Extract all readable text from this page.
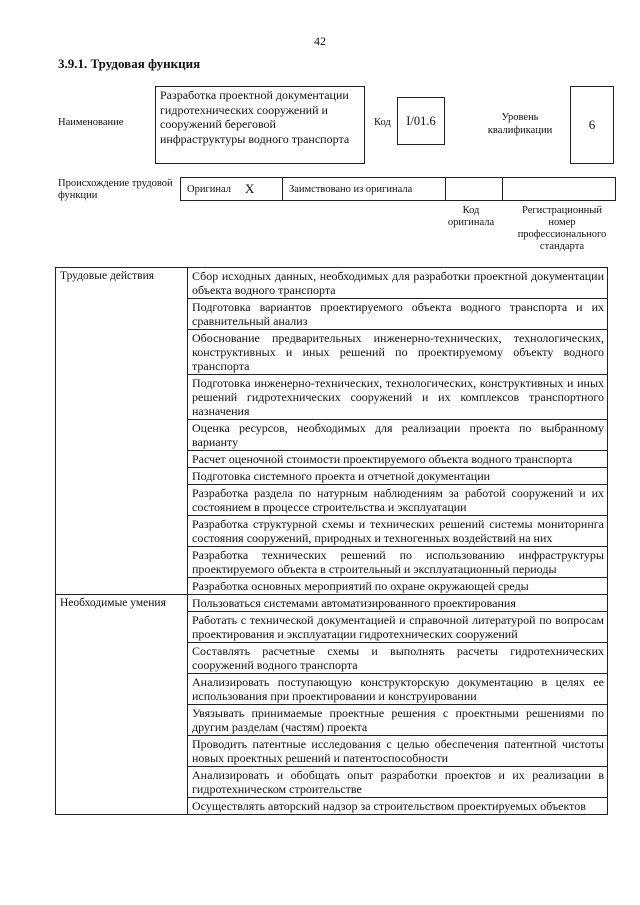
42
3.9.1. Трудовая функция
Наименование
Разработка проектной документации гидротехнических сооружений и сооружений береговой инфраструктуры водного транспорта
Код	I/01.6	Уровень квалификации	6
Происхождение трудовой функции
Оригинал X	Заимствовано из оригинала
Код оригинала
Регистрационный номер профессионального стандарта
Трудовые действия	Сбор исходных данных, необходимых для разработки проектной документации объекта водного транспорта
	Подготовка вариантов проектируемого объекта водного транспорта и их сравнительный анализ
	Обоснование предварительных инженерно-технических, технологических, конструктивных и иных решений по проектируемому объекту водного транспорта
	Подготовка инженерно-технических, технологических, конструктивных и иных решений гидротехнических сооружений и их комплексов транспортного назначения
	Оценка ресурсов, необходимых для реализации проекта по выбранному варианту
	Расчет оценочной стоимости проектируемого объекта водного транспорта
	Подготовка системного проекта и отчетной документации
	Разработка раздела по натурным наблюдениям за работой сооружений и их состоянием в процессе строительства и эксплуатации
	Разработка структурной схемы и технических решений системы мониторинга состояния сооружений, природных и техногенных воздействий на них
	Разработка технических решений по использованию инфраструктуры проектируемого объекта в строительный и эксплуатационный периоды
	Разработка основных мероприятий по охране окружающей среды
Необходимые умения	Пользоваться системами автоматизированного проектирования
	Работать с технической документацией и справочной литературой по вопросам проектирования и эксплуатации гидротехнических сооружений
	Составлять расчетные схемы и выполнять расчеты гидротехнических сооружений водного транспорта
	Анализировать поступающую конструкторскую документацию в целях ее использования при проектировании и конструировании
	Увязывать принимаемые проектные решения с проектными решениями по другим разделам (частям) проекта
	Проводить патентные исследования с целью обеспечения патентной чистоты новых проектных решений и патентоспособности
	Анализировать и обобщать опыт разработки проектов и их реализации в гидротехническом строительстве
	Осуществлять авторский надзор за строительством проектируемых объектов
